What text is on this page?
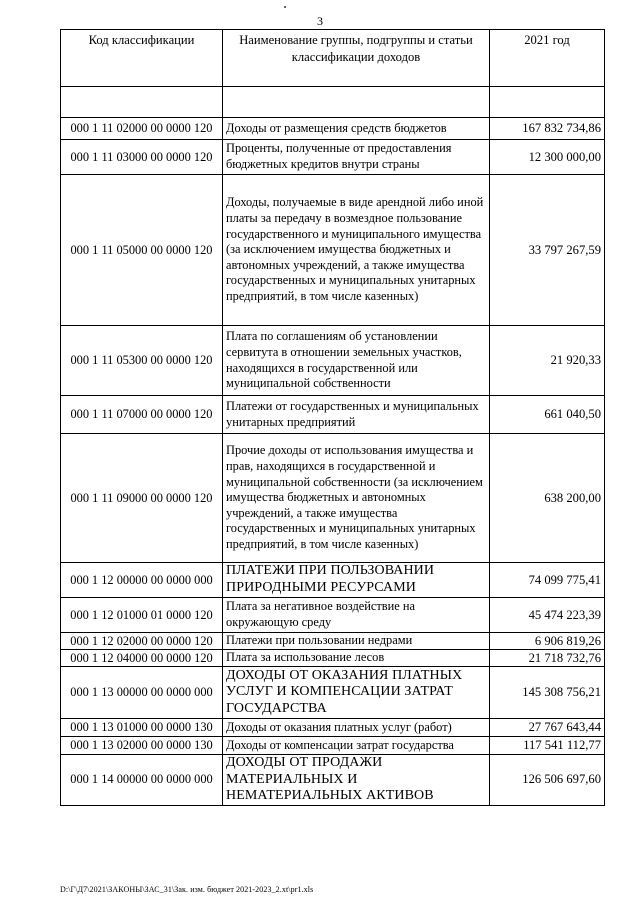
3
Код классификации	Наименование группы, подгруппы и статьи классификации доходов	2021 год

000 1 11 02000 00 0000 120	Доходы от размещения средств бюджетов	167 832 734,86
000 1 11 03000 00 0000 120	Проценты, полученные от предоставления бюджетных кредитов внутри страны	12 300 000,00
000 1 11 05000 00 0000 120	Доходы, получаемые в виде арендной либо иной платы за передачу в возмездное пользование государственного и муниципального имущества (за исключением имущества бюджетных и автономных учреждений, а также имущества государственных и муниципальных унитарных предприятий, в том числе казенных)	33 797 267,59
000 1 11 05300 00 0000 120	Плата по соглашениям об установлении сервитута в отношении земельных участков, находящихся в государственной или муниципальной собственности	21 920,33
000 1 11 07000 00 0000 120	Платежи от государственных и муниципальных унитарных предприятий	661 040,50
000 1 11 09000 00 0000 120	Прочие доходы от использования имущества и прав, находящихся в государственной и муниципальной собственности (за исключением имущества бюджетных и автономных учреждений, а также имущества государственных и муниципальных унитарных предприятий, в том числе казенных)	638 200,00
000 1 12 00000 00 0000 000	ПЛАТЕЖИ ПРИ ПОЛЬЗОВАНИИ ПРИРОДНЫМИ РЕСУРСАМИ	74 099 775,41
000 1 12 01000 01 0000 120	Плата за негативное воздействие на окружающую среду	45 474 223,39
000 1 12 02000 00 0000 120	Платежи при пользовании недрами	6 906 819,26
000 1 12 04000 00 0000 120	Плата за использование лесов	21 718 732,76
000 1 13 00000 00 0000 000	ДОХОДЫ ОТ ОКАЗАНИЯ ПЛАТНЫХ УСЛУГ И КОМПЕНСАЦИИ ЗАТРАТ ГОСУДАРСТВА	145 308 756,21
000 1 13 01000 00 0000 130	Доходы от оказания платных услуг (работ)	27 767 643,44
000 1 13 02000 00 0000 130	Доходы от компенсации затрат государства	117 541 112,77
000 1 14 00000 00 0000 000	ДОХОДЫ ОТ ПРОДАЖИ МАТЕРИАЛЬНЫХ И НЕМАТЕРИАЛЬНЫХ АКТИВОВ	126 506 697,60
D:\Г\Д7\2021\ЗАКОНЫ\ЗАС_31\Зак. изм. бюджет 2021-2023_2.xt\pr1.xls
